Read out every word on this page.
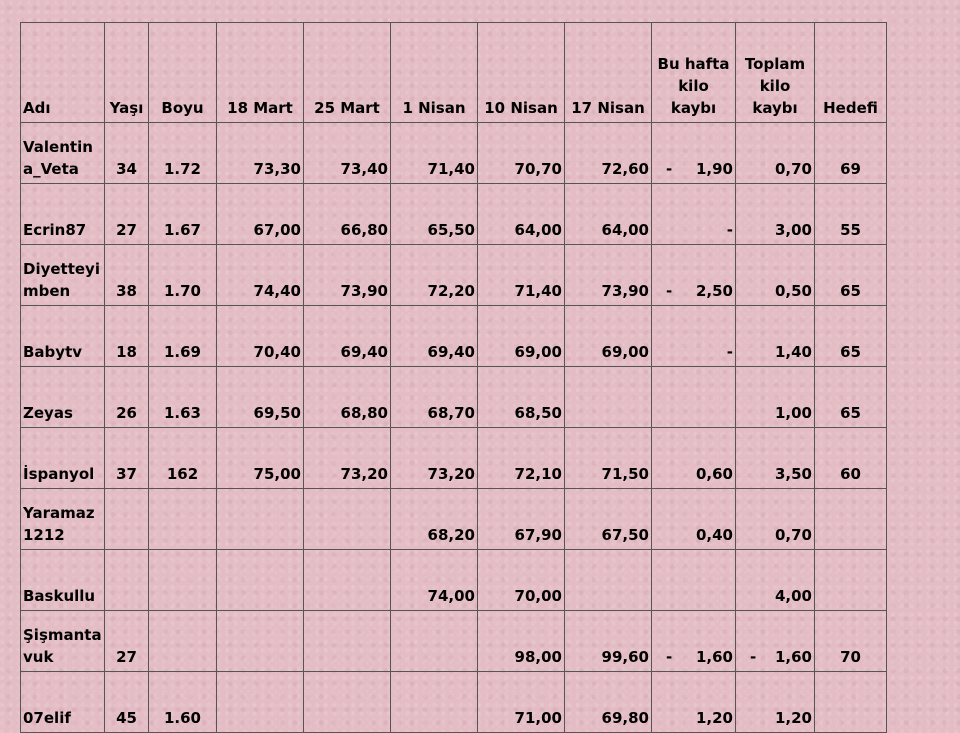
Adı	Yaşı	Boyu	18 Mart	25 Mart	1 Nisan	10 Nisan	17 Nisan	Bu hafta kilo kaybı	Toplam kilo kaybı	Hedefi
Valentina_Veta	34	1.72	73,30	73,40	71,40	70,70	72,60	- 1,90	0,70	69
Ecrin87	27	1.67	67,00	66,80	65,50	64,00	64,00	-	3,00	55
Diyetteyimben	38	1.70	74,40	73,90	72,20	71,40	73,90	- 2,50	0,50	65
Babytv	18	1.69	70,40	69,40	69,40	69,00	69,00	-	1,40	65
Zeyas	26	1.63	69,50	68,80	68,70	68,50			1,00	65
İspanyol	37	162	75,00	73,20	73,20	72,10	71,50	0,60	3,50	60
Yaramaz 1212					68,20	67,90	67,50	0,40	0,70	
Baskullu					74,00	70,00			4,00	
Şişmantavuk	27					98,00	99,60	- 1,60	- 1,60	70
07elif	45	1.60				71,00	69,80	1,20	1,20	
